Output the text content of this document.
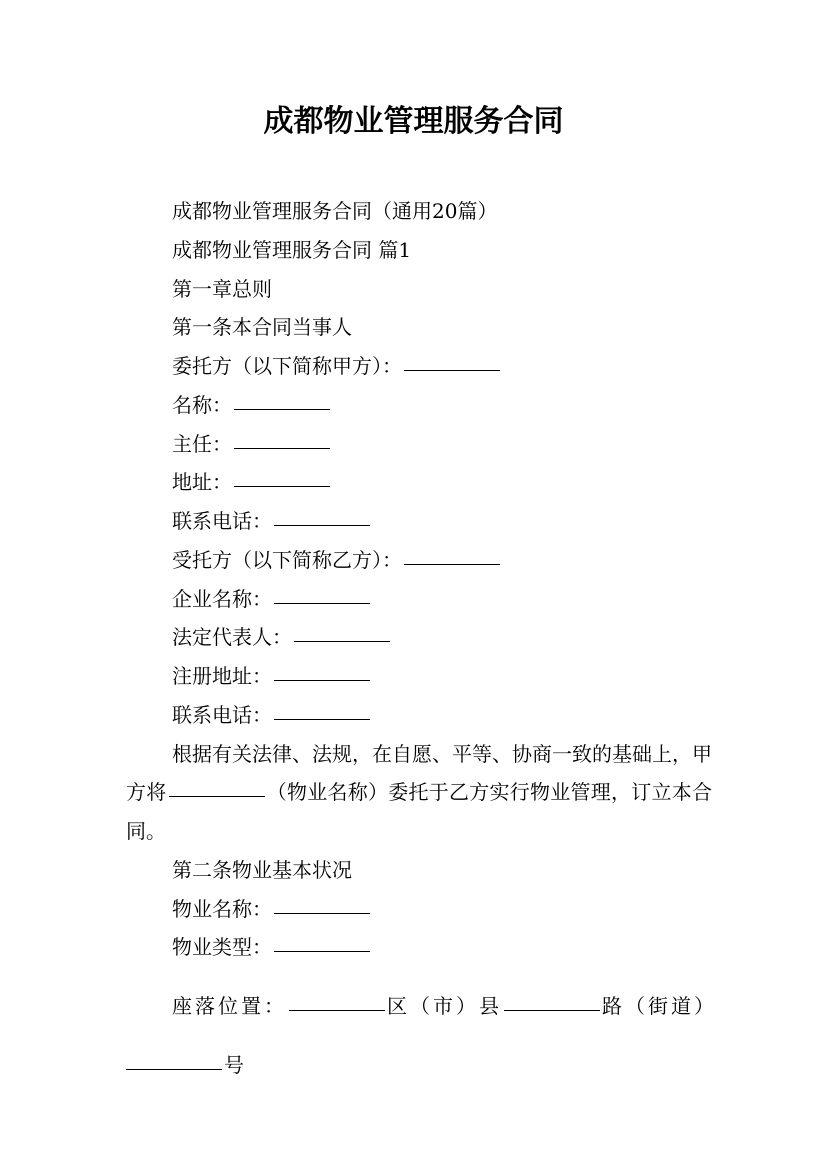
成都物业管理服务合同

成都物业管理服务合同（通用20篇）

成都物业管理服务合同 篇1

第一章总则

第一条本合同当事人

委托方（以下简称甲方）：

名称：

主任：

地址：

联系电话：

受托方（以下简称乙方）：

企业名称：

法定代表人：

注册地址：

联系电话：

根据有关法律、法规，在自愿、平等、协商一致的基础上，甲方将	（物业名称）委托于乙方实行物业管理，订立本合同。

第二条物业基本状况

物业名称：

物业类型：

座落位置：	区（市）县	路（街道）

号
